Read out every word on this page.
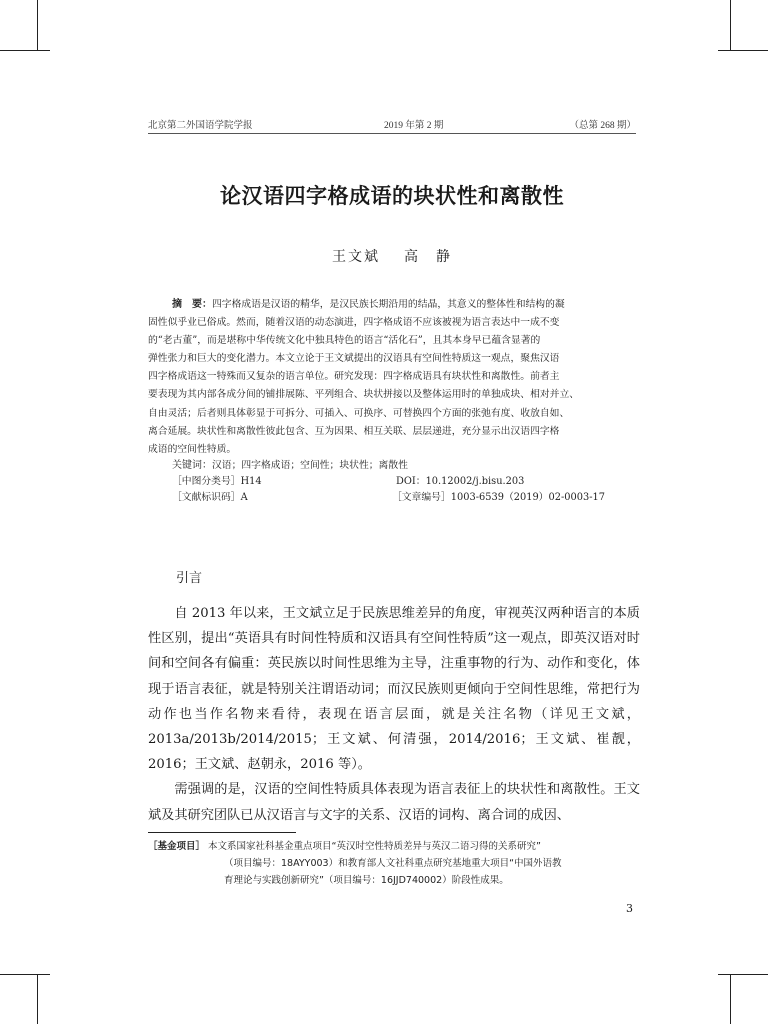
北京第二外国语学院学报	2019 年第 2 期	（总第 268 期）
论汉语四字格成语的块状性和离散性
王文斌 高　静
摘　要：四字格成语是汉语的精华，是汉民族长期沿用的结晶，其意义的整体性和结构的凝
固性似乎业已俗成。然而，随着汉语的动态演进，四字格成语不应该被视为语言表达中一成不变
的“老古董”，而是堪称中华传统文化中独具特色的语言“活化石”，且其本身早已蕴含显著的
弹性张力和巨大的变化潜力。本文立论于王文斌提出的汉语具有空间性特质这一观点，聚焦汉语
四字格成语这一特殊而又复杂的语言单位。研究发现：四字格成语具有块状性和离散性。前者主
要表现为其内部各成分间的铺排展陈、平列组合、块状拼接以及整体运用时的单独成块、相对并立、
自由灵活；后者则具体彰显于可拆分、可插入、可换序、可替换四个方面的张弛有度、收放自如、
离合延展。块状性和离散性彼此包含、互为因果、相互关联、层层递进，充分显示出汉语四字格
成语的空间性特质。
关键词：汉语；四字格成语；空间性；块状性；离散性
［中图分类号］H14	DOI：10.12002/j.bisu.203
［文献标识码］A	［文章编号］1003-6539（2019）02-0003-17
引言

自 2013 年以来，王文斌立足于民族思维差异的角度，审视英汉两种语言的本质性区别，提出“英语具有时间性特质和汉语具有空间性特质”这一观点，即英汉语对时间和空间各有偏重：英民族以时间性思维为主导，注重事物的行为、动作和变化，体现于语言表征，就是特别关注谓语动词；而汉民族则更倾向于空间性思维，常把行为动作也当作名物来看待，表现在语言层面，就是关注名物（详见王文斌，2013a/2013b/2014/2015；王文斌、何清强，2014/2016；王文斌、崔靓，2016；王文斌、赵朝永，2016 等）。

需强调的是，汉语的空间性特质具体表现为语言表征上的块状性和离散性。王文斌及其研究团队已从汉语言与文字的关系、汉语的词构、离合词的成因、

［基金项目］ 本文系国家社科基金重点项目“英汉时空性特质差异与英汉二语习得的关系研究”
（项目编号：18AYY003）和教育部人文社科重点研究基地重大项目“中国外语教
育理论与实践创新研究”（项目编号：16JJD740002）阶段性成果。
3
